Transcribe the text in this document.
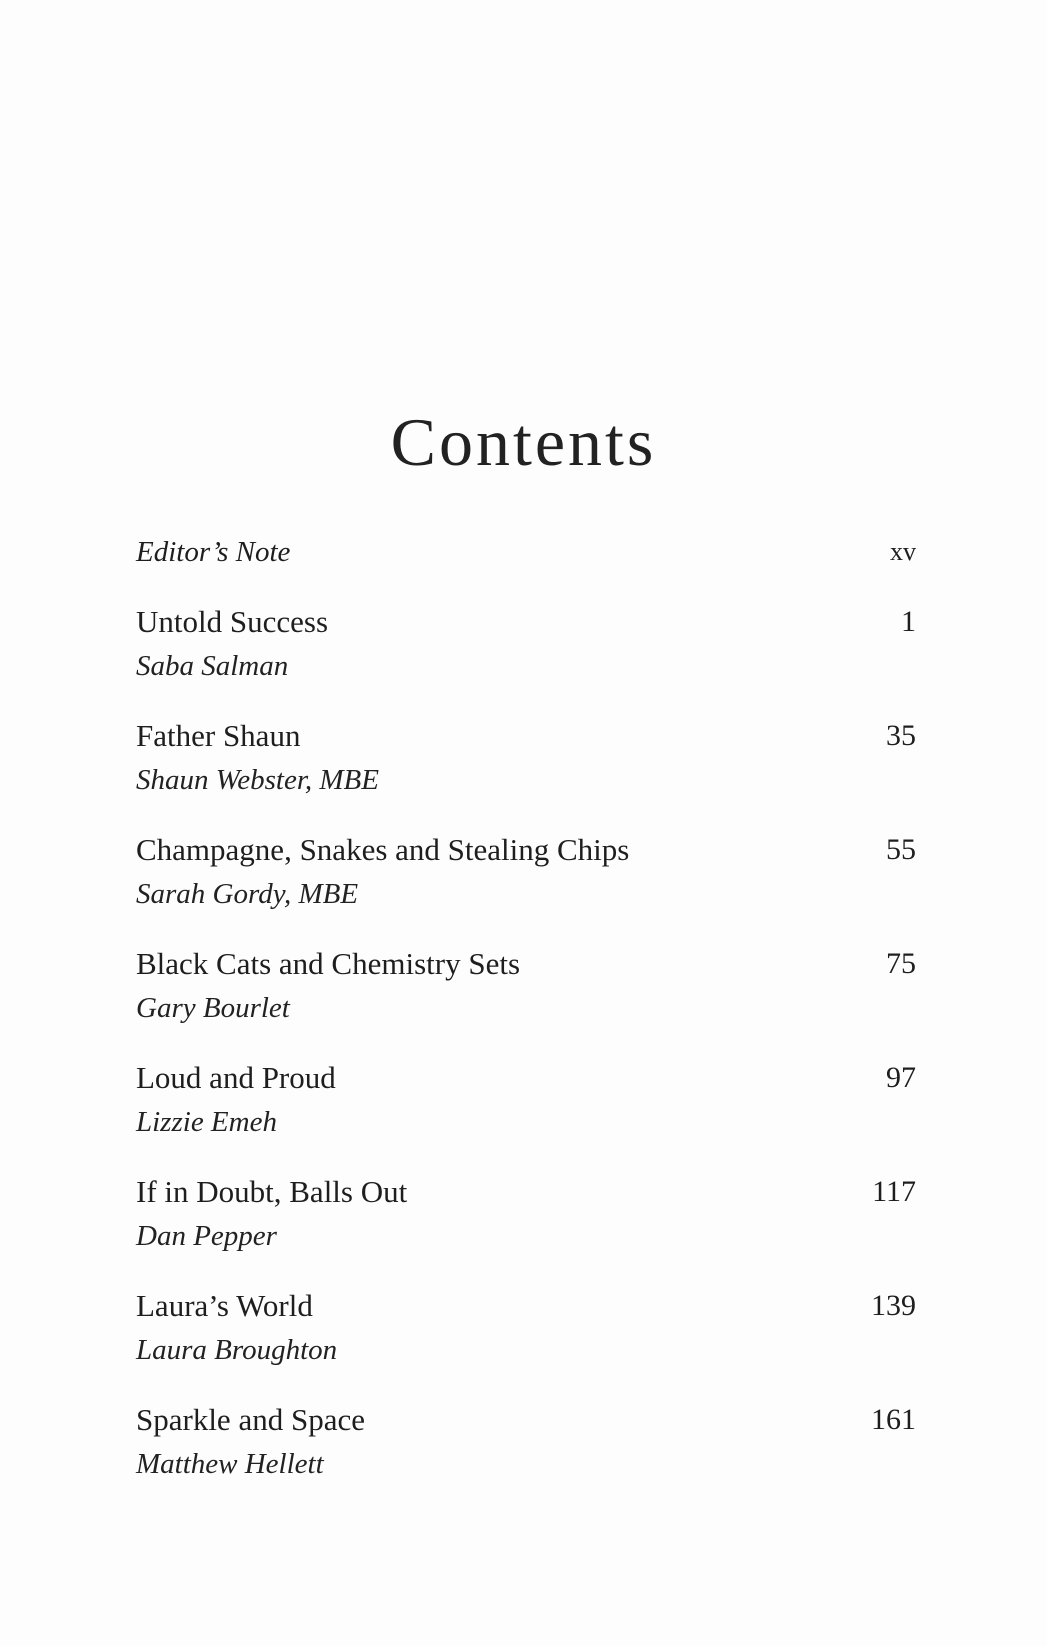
Contents
Editor’s Note	xv
Untold Success
Saba Salman
1
Father Shaun
Shaun Webster, MBE
35
Champagne, Snakes and Stealing Chips
Sarah Gordy, MBE
55
Black Cats and Chemistry Sets
Gary Bourlet
75
Loud and Proud
Lizzie Emeh
97
If in Doubt, Balls Out
Dan Pepper
117
Laura’s World
Laura Broughton
139
Sparkle and Space
Matthew Hellett
161
